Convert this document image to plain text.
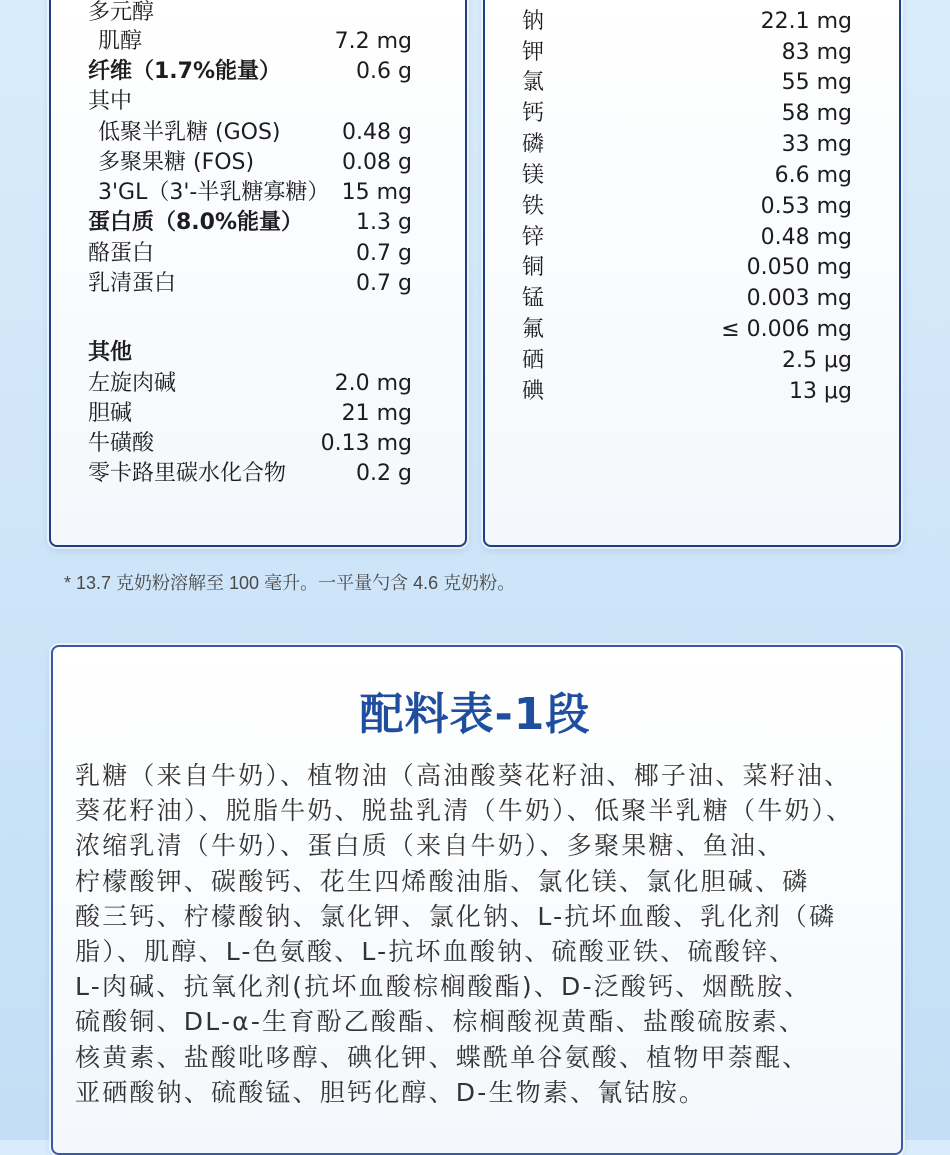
多元醇
肌醇	7.2 mg
纤维（1.7%能量）	0.6 g
其中
低聚半乳糖 (GOS)	0.48 g
多聚果糖 (FOS)	0.08 g
3'GL（3'-半乳糖寡糖） 15 mg
蛋白质（8.0%能量） 1.3 g
酪蛋白	0.7 g
乳清蛋白	0.7 g
其他
左旋肉碱	2.0 mg
胆碱	21 mg
牛磺酸	0.13 mg
零卡路里碳水化合物	0.2 g
钠	22.1 mg
钾	83 mg
氯	55 mg
钙	58 mg
磷	33 mg
镁	6.6 mg
铁	0.53 mg
锌	0.48 mg
铜	0.050 mg
锰	0.003 mg
氟	≤ 0.006 mg
硒	2.5 μg
碘	13 μg
* 13.7 克奶粉溶解至 100 毫升。一平量勺含 4.6 克奶粉。
配料表-1段
乳糖（来自牛奶）、植物油（高油酸葵花籽油、椰子油、菜籽油、
葵花籽油）、脱脂牛奶、脱盐乳清（牛奶）、低聚半乳糖（牛奶）、
浓缩乳清（牛奶）、蛋白质（来自牛奶）、多聚果糖、鱼油、
柠檬酸钾、碳酸钙、花生四烯酸油脂、氯化镁、氯化胆碱、磷
酸三钙、柠檬酸钠、氯化钾、氯化钠、L-抗坏血酸、乳化剂（磷
脂）、肌醇、L-色氨酸、L-抗坏血酸钠、硫酸亚铁、硫酸锌、
L-肉碱、抗氧化剂(抗坏血酸棕榈酸酯)、D-泛酸钙、烟酰胺、
硫酸铜、DL-α-生育酚乙酸酯、棕榈酸视黄酯、盐酸硫胺素、
核黄素、盐酸吡哆醇、碘化钾、蝶酰单谷氨酸、植物甲萘醌、
亚硒酸钠、硫酸锰、胆钙化醇、D-生物素、氰钴胺。
